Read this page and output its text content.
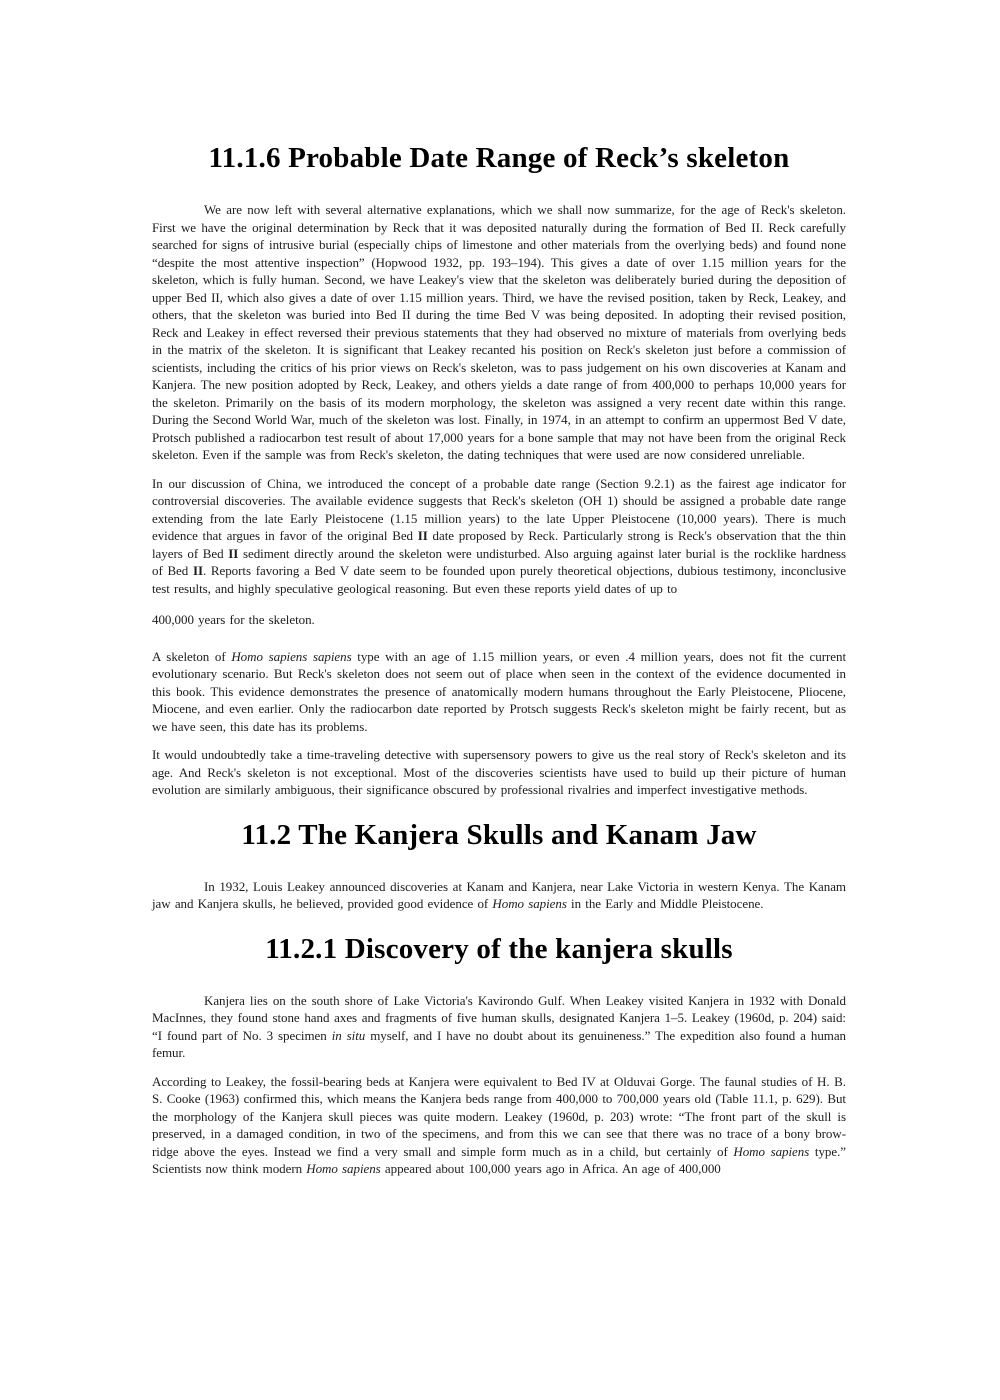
11.1.6 Probable Date Range of Reck’s skeleton

We are now left with several alternative explanations, which we shall now summarize, for the age of Reck's skeleton. First we have the original determination by Reck that it was deposited naturally during the formation of Bed II. Reck carefully searched for signs of intrusive burial (especially chips of limestone and other materials from the overlying beds) and found none “despite the most attentive inspection” (Hopwood 1932, pp. 193–194). This gives a date of over 1.15 million years for the skeleton, which is fully human. Second, we have Leakey's view that the skeleton was deliberately buried during the deposition of upper Bed II, which also gives a date of over 1.15 million years. Third, we have the revised position, taken by Reck, Leakey, and others, that the skeleton was buried into Bed II during the time Bed V was being deposited. In adopting their revised position, Reck and Leakey in effect reversed their previous statements that they had observed no mixture of materials from overlying beds in the matrix of the skeleton. It is significant that Leakey recanted his position on Reck's skeleton just before a commission of scientists, including the critics of his prior views on Reck's skeleton, was to pass judgement on his own discoveries at Kanam and Kanjera. The new position adopted by Reck, Leakey, and others yields a date range of from 400,000 to perhaps 10,000 years for the skeleton. Primarily on the basis of its modern morphology, the skeleton was assigned a very recent date within this range. During the Second World War, much of the skeleton was lost. Finally, in 1974, in an attempt to confirm an uppermost Bed V date, Protsch published a radiocarbon test result of about 17,000 years for a bone sample that may not have been from the original Reck skeleton. Even if the sample was from Reck's skeleton, the dating techniques that were used are now considered unreliable.

In our discussion of China, we introduced the concept of a probable date range (Section 9.2.1) as the fairest age indicator for controversial discoveries. The available evidence suggests that Reck's skeleton (OH 1) should be assigned a probable date range extending from the late Early Pleistocene (1.15 million years) to the late Upper Pleistocene (10,000 years). There is much evidence that argues in favor of the original Bed II date proposed by Reck. Particularly strong is Reck's observation that the thin layers of Bed II sediment directly around the skeleton were undisturbed. Also arguing against later burial is the rocklike hardness of Bed II. Reports favoring a Bed V date seem to be founded upon purely theoretical objections, dubious testimony, inconclusive test results, and highly speculative geological reasoning. But even these reports yield dates of up to

400,000 years for the skeleton.

A skeleton of Homo sapiens sapiens type with an age of 1.15 million years, or even .4 million years, does not fit the current evolutionary scenario. But Reck's skeleton does not seem out of place when seen in the context of the evidence documented in this book. This evidence demonstrates the presence of anatomically modern humans throughout the Early Pleistocene, Pliocene, Miocene, and even earlier. Only the radiocarbon date reported by Protsch suggests Reck's skeleton might be fairly recent, but as we have seen, this date has its problems.

It would undoubtedly take a time-traveling detective with supersensory powers to give us the real story of Reck's skeleton and its age. And Reck's skeleton is not exceptional. Most of the discoveries scientists have used to build up their picture of human evolution are similarly ambiguous, their significance obscured by professional rivalries and imperfect investigative methods.

11.2 The Kanjera Skulls and Kanam Jaw

In 1932, Louis Leakey announced discoveries at Kanam and Kanjera, near Lake Victoria in western Kenya. The Kanam jaw and Kanjera skulls, he believed, provided good evidence of Homo sapiens in the Early and Middle Pleistocene.

11.2.1 Discovery of the kanjera skulls

Kanjera lies on the south shore of Lake Victoria's Kavirondo Gulf. When Leakey visited Kanjera in 1932 with Donald MacInnes, they found stone hand axes and fragments of five human skulls, designated Kanjera 1–5. Leakey (1960d, p. 204) said: “I found part of No. 3 specimen in situ myself, and I have no doubt about its genuineness.” The expedition also found a human femur.

According to Leakey, the fossil-bearing beds at Kanjera were equivalent to Bed IV at Olduvai Gorge. The faunal studies of H. B. S. Cooke (1963) confirmed this, which means the Kanjera beds range from 400,000 to 700,000 years old (Table 11.1, p. 629). But the morphology of the Kanjera skull pieces was quite modern. Leakey (1960d, p. 203) wrote: “The front part of the skull is preserved, in a damaged condition, in two of the specimens, and from this we can see that there was no trace of a bony brow-ridge above the eyes. Instead we find a very small and simple form much as in a child, but certainly of Homo sapiens type.” Scientists now think modern Homo sapiens appeared about 100,000 years ago in Africa. An age of 400,000
